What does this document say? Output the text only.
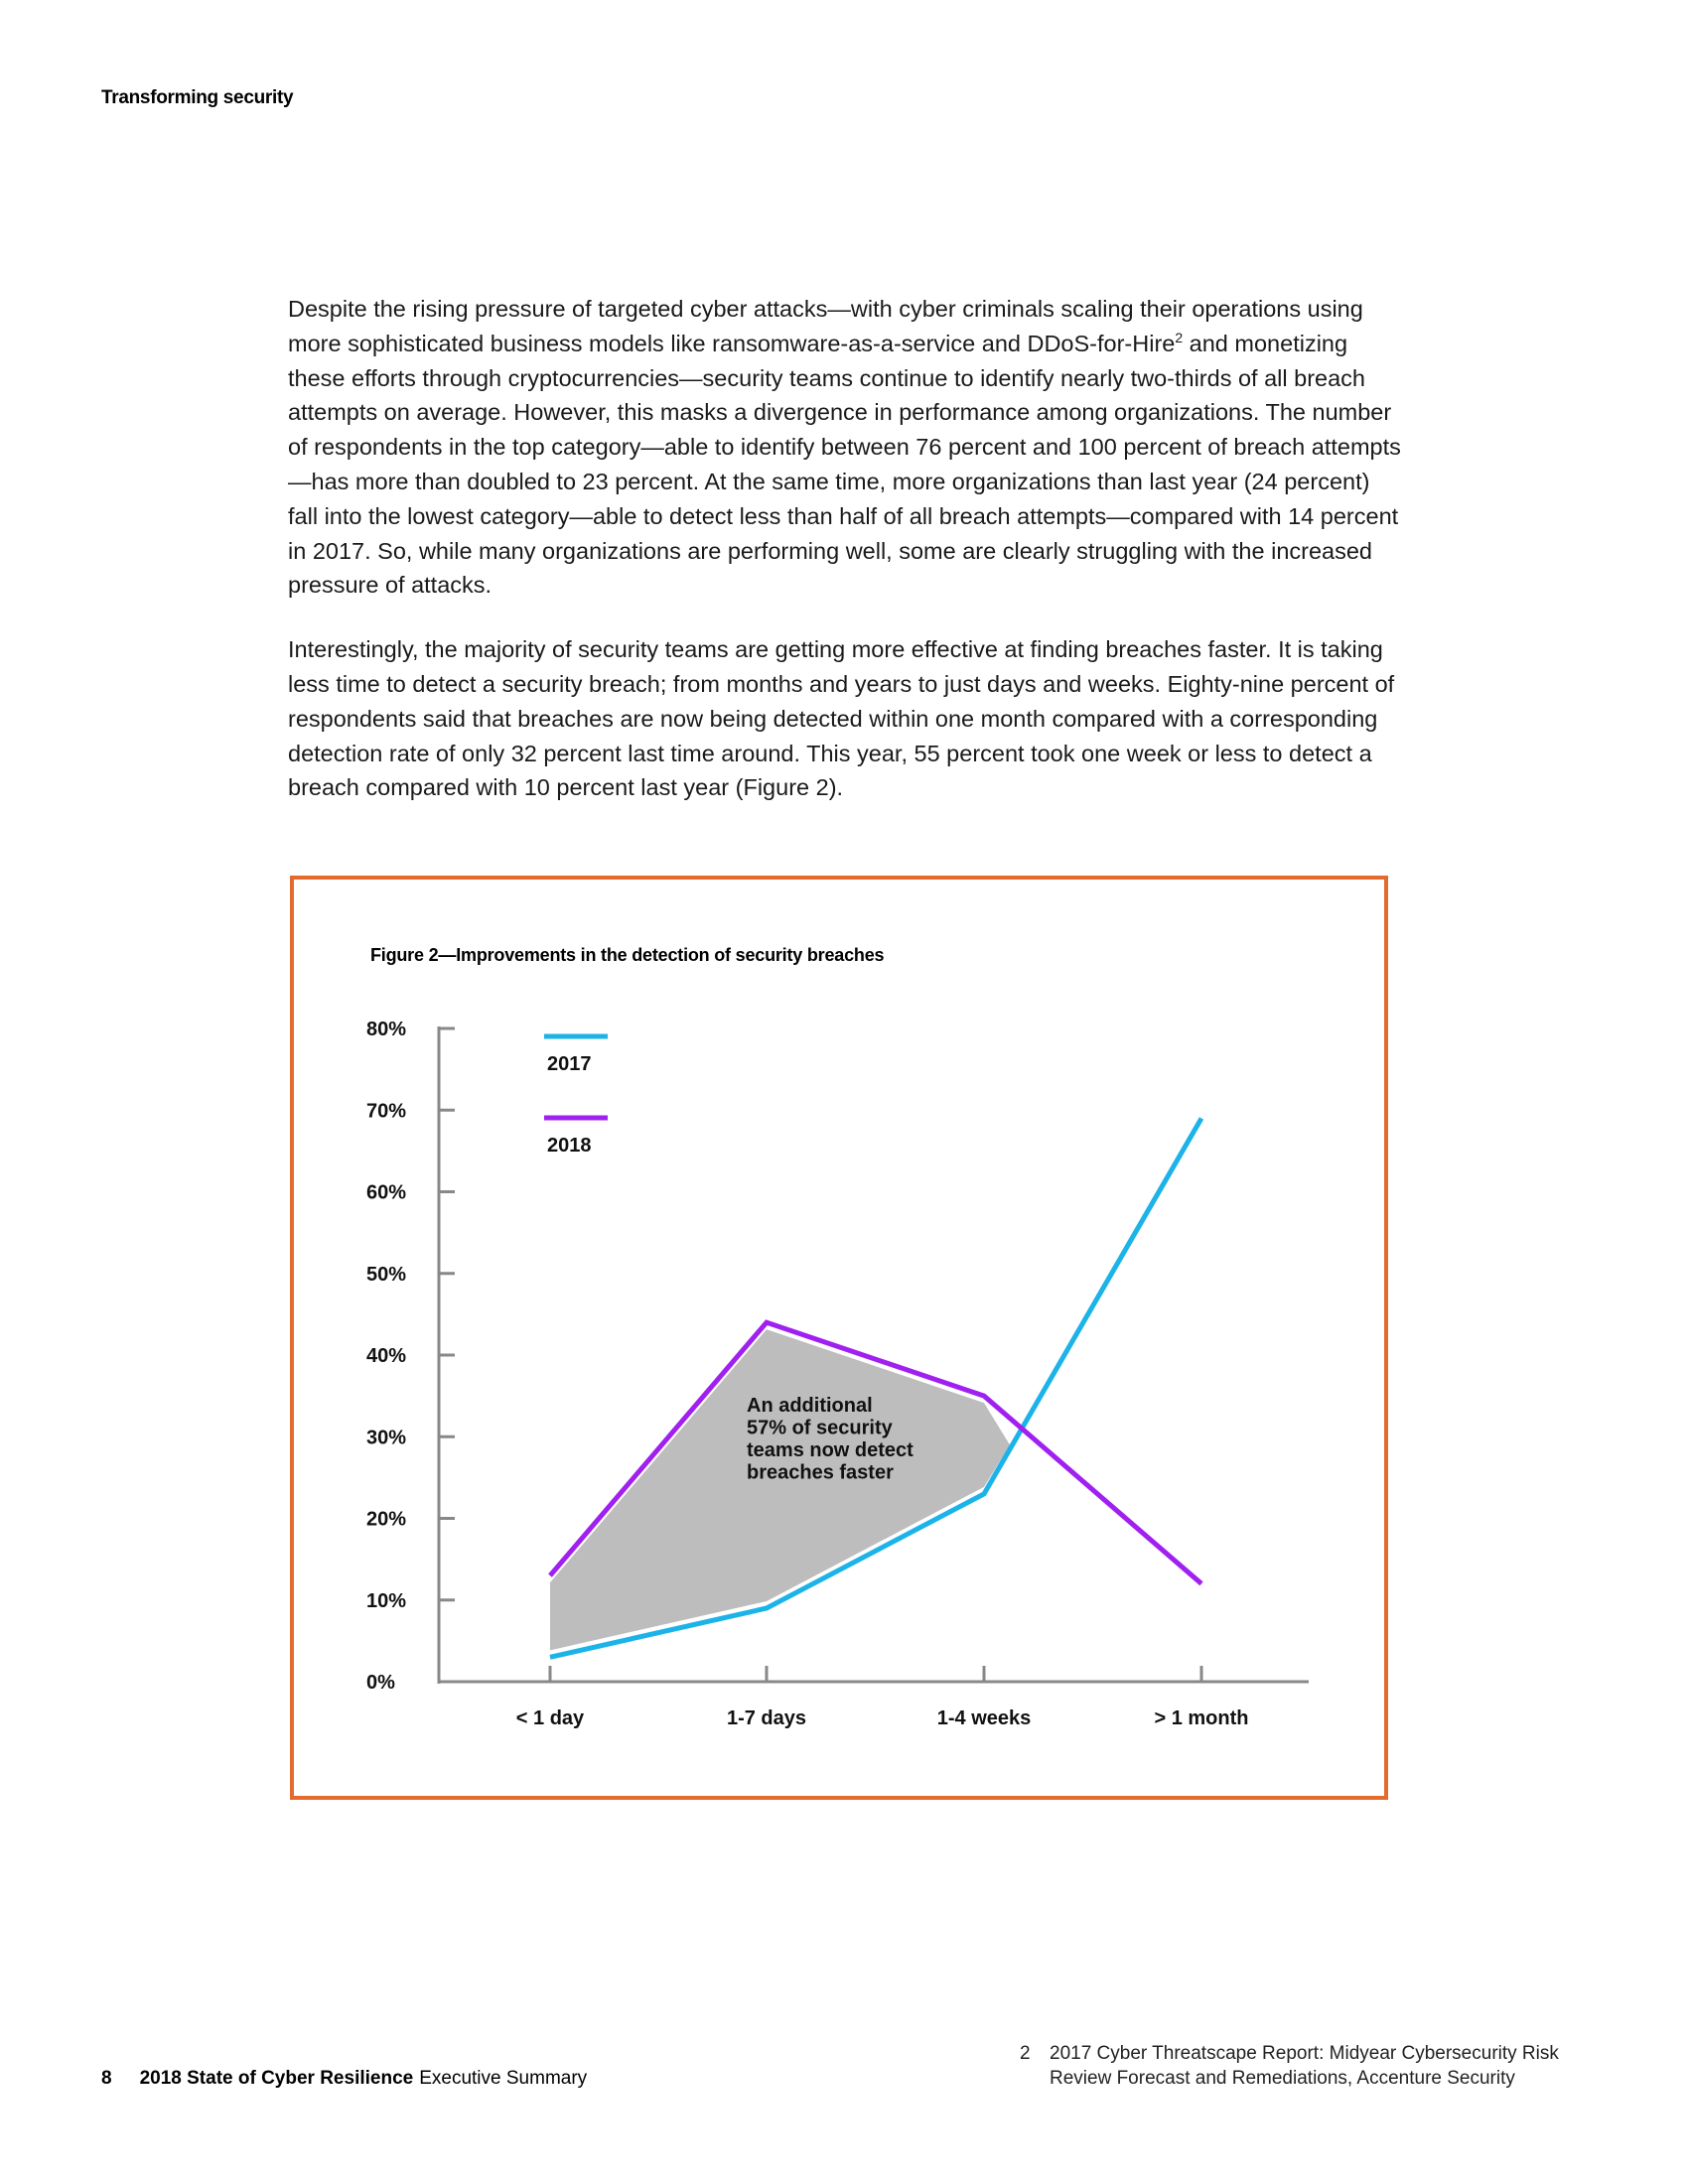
Transforming security

Despite the rising pressure of targeted cyber attacks—with cyber criminals scaling their operations using more sophisticated business models like ransomware-as-a-service and DDoS-for-Hire$^2$ and monetizing these efforts through cryptocurrencies—security teams continue to identify nearly two-thirds of all breach attempts on average. However, this masks a divergence in performance among organizations. The number of respondents in the top category—able to identify between 76 percent and 100 percent of breach attempts—has more than doubled to 23 percent. At the same time, more organizations than last year (24 percent) fall into the lowest category—able to detect less than half of all breach attempts—compared with 14 percent in 2017. So, while many organizations are performing well, some are clearly struggling with the increased pressure of attacks.

Interestingly, the majority of security teams are getting more effective at finding breaches faster. It is taking less time to detect a security breach; from months and years to just days and weeks. Eighty-nine percent of respondents said that breaches are now being detected within one month compared with a corresponding detection rate of only 32 percent last time around. This year, 55 percent took one week or less to detect a breach compared with 10 percent last year (Figure 2).

Figure 2—Improvements in the detection of security breaches
0%
10%
20%
30%
40%
50%
60%
70%
80%
< 1 day	1-7 days	1-4 weeks	> 1 month
2017
2018
An additional
57% of security
teams now detect
breaches faster
8 2018 State of Cyber Resilience Executive Summary
2 2017 Cyber Threatscape Report: Midyear Cybersecurity Risk Review Forecast and Remediations, Accenture Security
